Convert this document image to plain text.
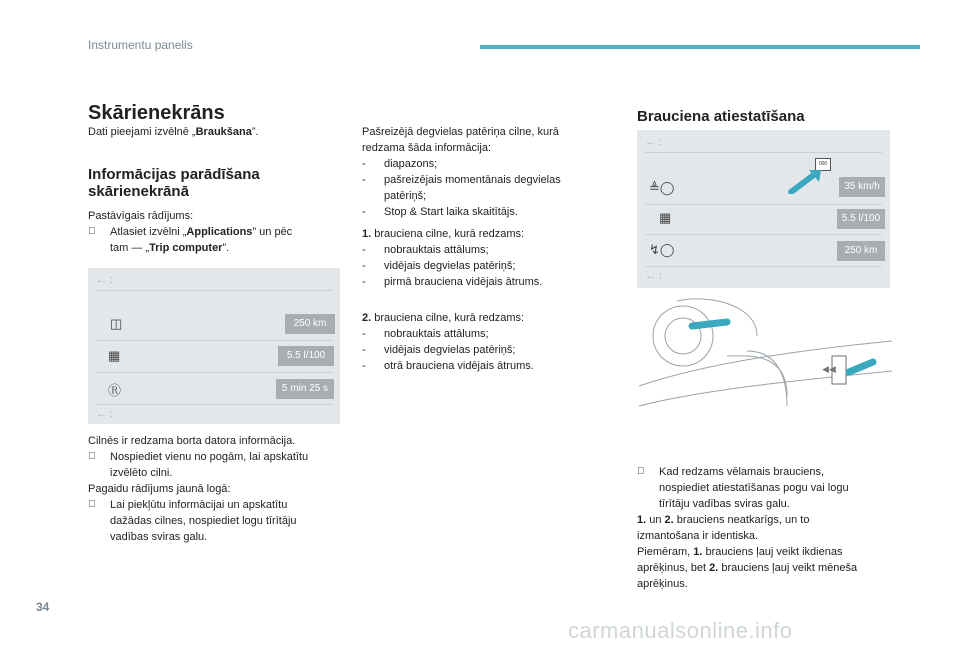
Instrumentu panelis
Skārienekrāns
Dati pieejami izvēlnē „Braukšana”.
Informācijas parādīšana
skārienekrānā

Pastāvīgais rādījums:

Atlasiet izvēlni „Applications” un pēc
tam — „Trip computer”.
← :
◫	250 km
▦	5.5 l/100
Ⓡ	5 min 25 s
← :

Cilnēs ir redzama borta datora informācija.

Nospiediet vienu no pogām, lai apskatītu
izvēlēto cilni.

Pagaidu rādījums jaunā logā:

Lai piekļūtu informācijai un apskatītu
dažādas cilnes, nospiediet logu tīrītāju
vadības sviras galu.

Pašreizējā degvielas patēriņa cilne, kurā

redzama šāda informācija:

-	diapazons;
-	pašreizējais momentānais degvielas
patēriņš;
-	Stop & Start laika skaitītājs.

1. brauciena cilne, kurā redzams:

-	nobrauktais attālums;
-	vidējais degvielas patēriņš;
-	pirmā brauciena vidējais ātrums.

2. brauciena cilne, kurā redzams:

-	nobrauktais attālums;
-	vidējais degvielas patēriņš;
-	otrā brauciena vidējais ātrums.
Brauciena atiestatīšana
← :
000
≜◯	35 km/h
▦	5.5 l/100
↯◯	250 km
← :
◀◀
Kad redzams vēlamais brauciens,
nospiediet atiestatīšanas pogu vai logu
tīrītāju vadības sviras galu.

1. un 2. brauciens neatkarīgs, un to

izmantošana ir identiska.

Piemēram, 1. brauciens ļauj veikt ikdienas

aprēķinus, bet 2. brauciens ļauj veikt mēneša

aprēķinus.

34
carmanualsonline.info
